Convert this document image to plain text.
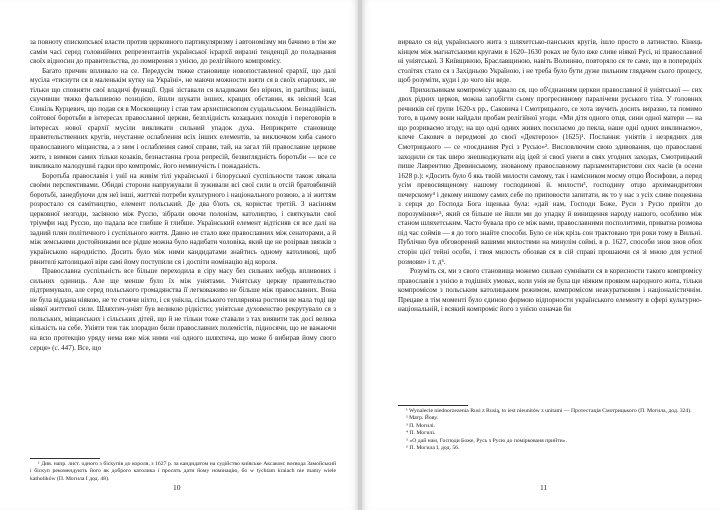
за повноту єпископської власти против церковного партикуляризму і автономізму ми бачимо в тім же самім часі серед головніймих репрезентантів української ієрархії виразні тенденції до поладнання своїх відносин до правительства, до помирення з унією, до релігійного компромісу.

Багато причин впливало на се. Передусім тяжке становище новопоставленої єрархії, що далі мусіла «тиснути ся в маленькім кутку на Україні», не маючи можности взяти ся в своїх епархиях, не тільки що сповняти свої владичі функції. Одні зіставали ся владиками без вірних, in partibus; інші, скучивши тяжко фальшивою позицією, йшли шукати інших, кращих обставин, як звісний Ісая Єзикіль Курцевич, що подав ся в Московщину і став там архиєпископом суздальським. Безнадійність сойтової боротьби в інтересах православної церкви, безплідність козацьких походів і переговорів в інтересах нової єрархії мусіли викликати сильний упадок духа. Неприкрите становище правительственних кругів, неустанне ослаблення всіх інших елементів, за виключком хиба самого православного міщанства, а з ним і ослаблення самої справи, тай, на загал тій православне церкове жите, з вимком самих тільки козаків, безнастанна гроза репресій, безвиглядність боротьби — все се викликало малодушні гадки про компроміс, його неминучість і пожаданість.

Боротьба православія і унії на живім тілі української і білоруської суспільности також лякала своїми перспективами. Обидві сторони напружували й зуживали всі свої сили в отсій братовбивчій боротьбі, занедбуючи для неї інші, життєві потреби культурного і національного розвою, а зі життям розростало ся самітництво, елемент польський. Де два б'ють ся, користає третій. З насінням церковної незгоди, засіяною між Руссю, зібрали овочи полонізм, католицтво, і святкували свої тріумфи над Руссю, що падала все глибше й глибше. Український елемент відтісняв ся все далі на задний плян політичного і суспільного життя. Давно не стало вже православних між сенаторами, а й між земськими достойниками все рідше можна було надибати чоловіка, який ще не розірвав звязків з українською народністю. Досить було між ними кандидатами знайтись одному католикові, щоб рвнителі католицької віри самі йому поступили ся і доспіти номінацію від короля.

Православна суспільність все більше переходила в сіру масу без сильних небудь впливових і сильних одиниць. Але ще менше було їх між уніятами. Уніятську церкву правительство підтримувало, але серед польського громадянства її легковаживо не більше між православних. Вона не була віддана ніякою, не те стоячи ніхто, і ся унікла, сільського теплярняна ростиня не мала тоді ще ніякої життєвої сили. Шляхтич-уніят був великою рідкістю; уніятське духовенство рекрутувало ся з польських, міщанських і сільських дітей, що й не тільки тоже ставали з тах виявити так досі велика кількість на себе. Уніяти теж так злорадно били православних полемістів, підносячи, що не важаючи на всю протекцію уряду нема вже між ними «ні одного шляхтича, що може б вибирав йому свого серця» (с. 447). Все, що

¹ Див. напр. лист. одного з біскупів до короля, з 1627 р. за кандидатом на судійство київське Аксаком: воєвода Замойський і біскуп рекомендують його як доброго католика і просять дати йому номінацію, бо w tychtam kraiach nie mamy wiele katholików (П. Могила І дод. 48).

10

вирвало ся від українського жита з шляхетсько-панських кругів, ішло просто в латинство. Кінець кінцем між магнатськими кругами в 1620–1630 роках не було вже сливе ніякої Русі, ні православної ні уніятської. З Київщиною, Браславщиною, навіть Волинню, повторяло ся те саме, що в попередніх столітях стало ся з Західньою Україною, і не треба було бути дуже пильним глядачем сього процесу, щоб розуміти, куди і до чого він веде.

Прихильникам компромісу здавало ся, що об'єднанням церкви православної й уніятської — сих двох рідних церков, можна запобігти сьому прогресивному паралічеви руського тіла. У головних речників сеї ґрупи 1620-х рр., Саковича і Смотрицького, се хота звучить досить виразно, та помимо того, в цьому вони найдали пробам релігійної уґоди. «Ми дітя одного отця, сини одної матери — на що розриваємо згоду; на що одні одних живих посилаємо до пекла, наше одні одних виклинаємо», клече Сакович в передмові до своєї «Дектерозо» (1625)¹. Послання: уніятів і незрядних для Смотрицького — се «поєднання Русі з Русью»². Висловлючим свою здивовання, що православні заходили ся так широ знешкоджувати від ідей зі своєї унеги в свях угодних заходах, Смотрицький пише Лаврентию Древинському, знованому православному парламентаристови сих часів (в осени 1628 р.): «Досить було б якь твоїй милости самому, так і намісником моєму отцю Йосифови, а перед усім превосвященому нашому господинові й. милости³, господину отцю архимандритови печерскому⁴ і декому иншому самих себе по приповости запитати, як то у нас з усіх сливе поцеянна з серця до Господа Бога іщенька була: «дай нам, Господи Боже, Руси з Русю прийти до порозуміння»⁵, який ся більше не йшли ми до упадку й винищення народу нашого, особливо між станом шляхетським. Часто бувала про се між вами, православними посполитими, приватна розмова під час соймів — я до того знайте способи. Було се ніж крізь сон трактовано три роки тому в Вильні. Публічно був обговорений вашими милостями на минулім соймі, в р. 1627, способи знов знов обох сторін цієї тейні особи, і твоя милость обозвав ся в сій справі прошаючи ся зі мною для устної розмови» і т. д⁶.

Розуміть ся, ми з свого становища можемо сильно сумнівати ся в корисности такого компромісу православія з унією в тодішніх умовах, коли унія не була ще ніяким проявом народного жита, тільки компромісом з польським католицьким режимом, компромісом неакуратковим і націоналістичнім. Прецаве в тім моменті було єдиною формою відпорности українського елементу в сфері культурно-національній, і всякий компроміс його з унією означав би

¹ Wynalecie niednorzezenia Rusi z Rusią, to iest nieunitów z unitami — Протестація Смотрицького (П. Могила, дод. 324).

² Матр. Йову.

³ П. Могилі.

⁴ П. Могилі.

⁵ «О дай нам, Господи Боже, Русь з Русю до поміркованя прийти».

⁶ П. Могила І, дод. 56.

11
